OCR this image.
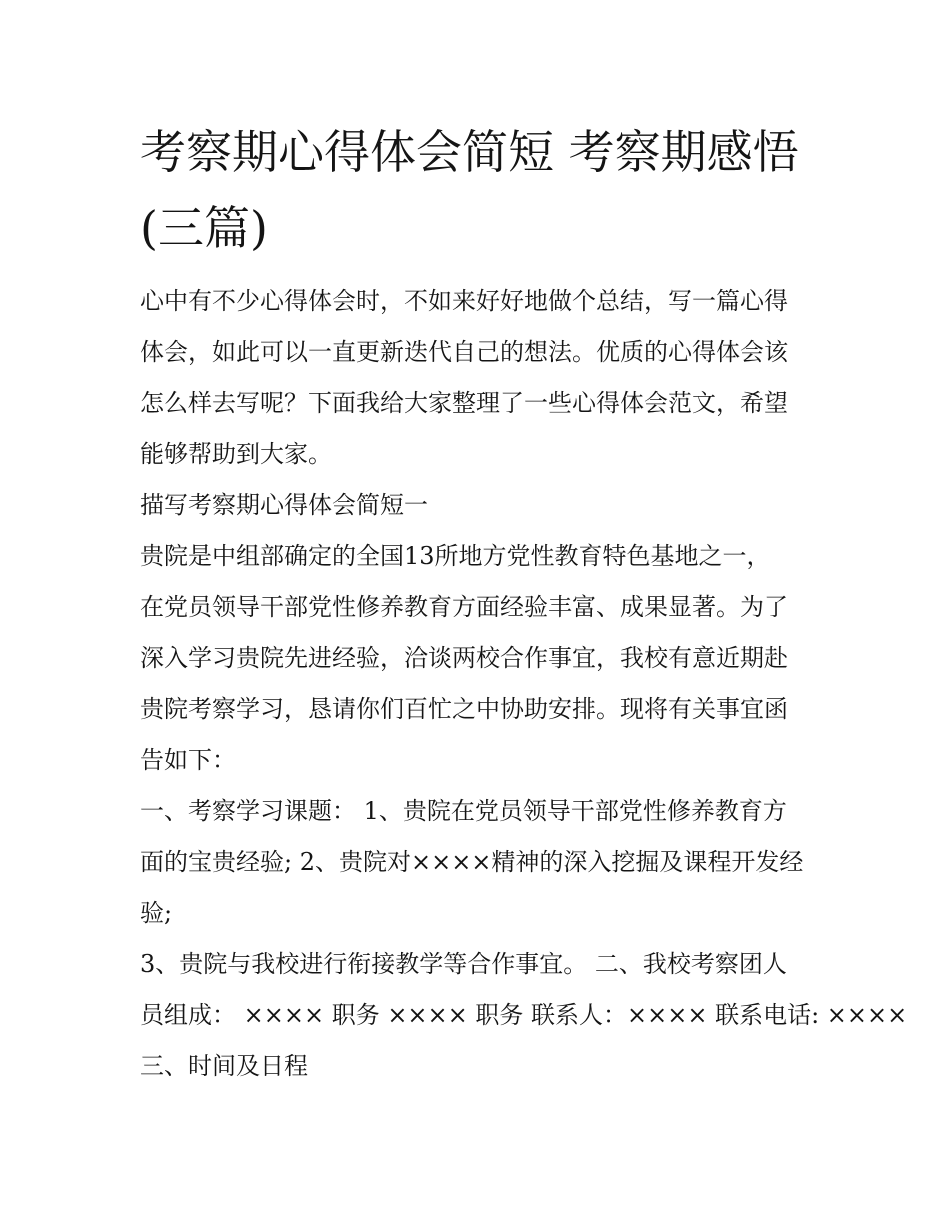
考察期心得体会简短 考察期感悟(三篇)
心中有不少心得体会时，不如来好好地做个总结，写一篇心得
体会，如此可以一直更新迭代自己的想法。优质的心得体会该
怎么样去写呢？下面我给大家整理了一些心得体会范文，希望
能够帮助到大家。
描写考察期心得体会简短一
贵院是中组部确定的全国13所地方党性教育特色基地之一，
在党员领导干部党性修养教育方面经验丰富、成果显著。为了
深入学习贵院先进经验，洽谈两校合作事宜，我校有意近期赴
贵院考察学习，恳请你们百忙之中协助安排。现将有关事宜函
告如下：
一、考察学习课题： 1、贵院在党员领导干部党性修养教育方
面的宝贵经验; 2、贵院对××××精神的深入挖掘及课程开发经
验;
3、贵院与我校进行衔接教学等合作事宜。 二、我校考察团人
员组成： ×××× 职务 ×××× 职务 联系人：×××× 联系电话: ××××
三、时间及日程
